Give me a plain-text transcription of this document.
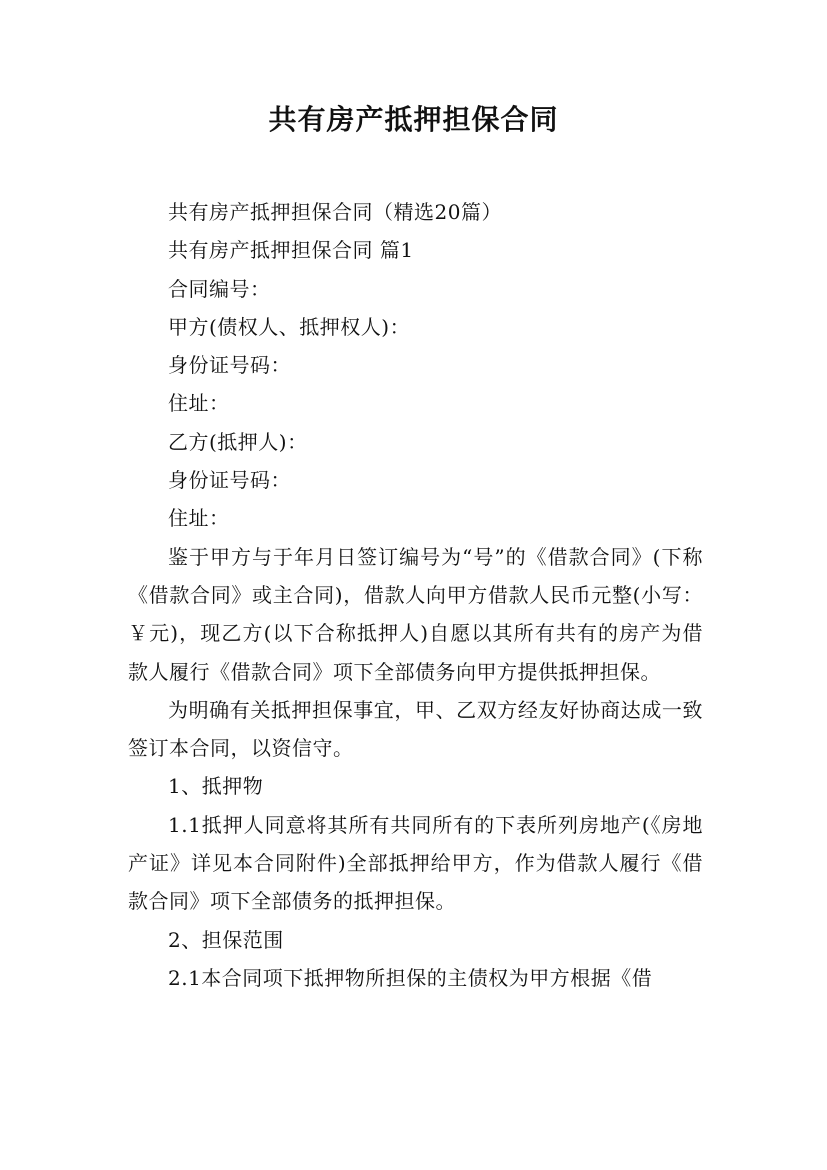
共有房产抵押担保合同

共有房产抵押担保合同（精选20篇）

共有房产抵押担保合同 篇1

合同编号：

甲方(债权人、抵押权人)：

身份证号码：

住址：

乙方(抵押人)：

身份证号码：

住址：

鉴于甲方与于年月日签订编号为“号”的《借款合同》(下称《借款合同》或主合同)，借款人向甲方借款人民币元整(小写：￥元)，现乙方(以下合称抵押人)自愿以其所有共有的房产为借款人履行《借款合同》项下全部债务向甲方提供抵押担保。

为明确有关抵押担保事宜，甲、乙双方经友好协商达成一致签订本合同，以资信守。

1、抵押物

1.1抵押人同意将其所有共同所有的下表所列房地产(《房地产证》详见本合同附件)全部抵押给甲方，作为借款人履行《借款合同》项下全部债务的抵押担保。

2、担保范围

2.1本合同项下抵押物所担保的主债权为甲方根据《借
